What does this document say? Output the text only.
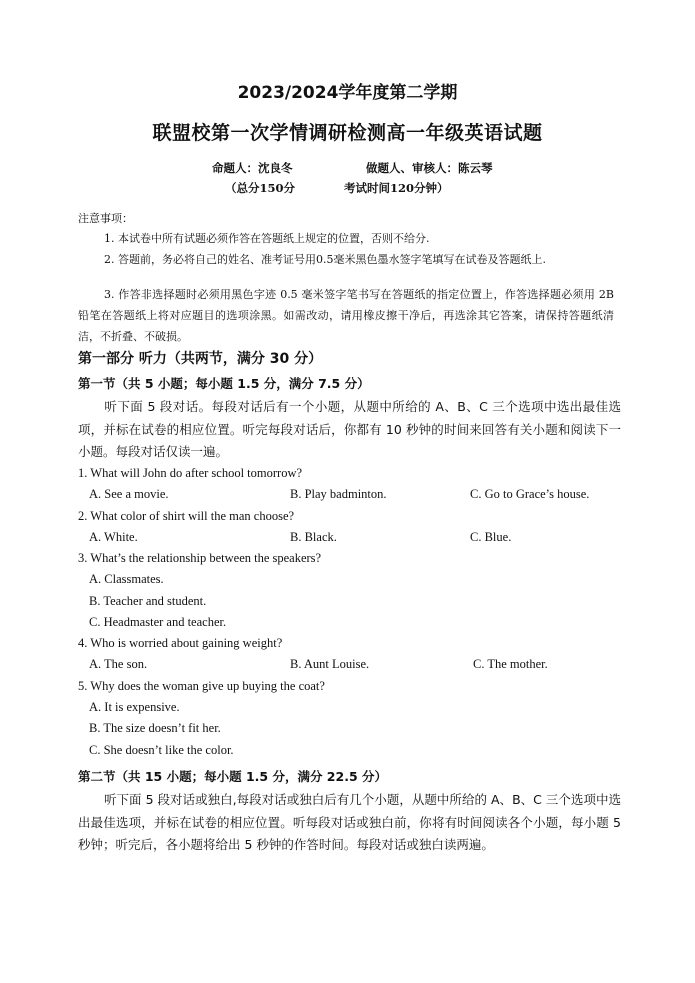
2023/2024学年度第二学期
联盟校第一次学情调研检测高一年级英语试题
命题人：沈良冬	做题人、审核人：陈云琴
（总分150分	考试时间120分钟）
注意事项：
1. 本试卷中所有试题必须作答在答题纸上规定的位置，否则不给分.
2. 答题前，务必将自己的姓名、准考证号用0.5毫米黑色墨水签字笔填写在试卷及答题纸上.
3. 作答非选择题时必须用黑色字迹 0.5 毫米签字笔书写在答题纸的指定位置上，作答选择题必须用 2B 铅笔在答题纸上将对应题目的选项涂黑。如需改动，请用橡皮擦干净后，再选涂其它答案，请保持答题纸清洁，不折叠、不破损。
第一部分 听力（共两节，满分 30 分）
第一节（共 5 小题；每小题 1.5 分，满分 7.5 分）
听下面 5 段对话。每段对话后有一个小题，从题中所给的 A、B、C 三个选项中选出最佳选项，并标在试卷的相应位置。听完每段对话后，你都有 10 秒钟的时间来回答有关小题和阅读下一小题。每段对话仅读一遍。
1. What will John do after school tomorrow?
A. See a movie.	B. Play badminton.	C. Go to Grace’s house.
2. What color of shirt will the man choose?
A. White.	B. Black.	C. Blue.
3. What’s the relationship between the speakers?
A. Classmates.
B. Teacher and student.
C. Headmaster and teacher.
4. Who is worried about gaining weight?
A. The son.	B. Aunt Louise.	C. The mother.
5. Why does the woman give up buying the coat?
A. It is expensive.
B. The size doesn’t fit her.
C. She doesn’t like the color.
第二节（共 15 小题；每小题 1.5 分，满分 22.5 分）
听下面 5 段对话或独白,每段对话或独白后有几个小题，从题中所给的 A、B、C 三个选项中选出最佳选项，并标在试卷的相应位置。听每段对话或独白前，你将有时间阅读各个小题，每小题 5 秒钟；听完后，各小题将给出 5 秒钟的作答时间。每段对话或独白读两遍。
